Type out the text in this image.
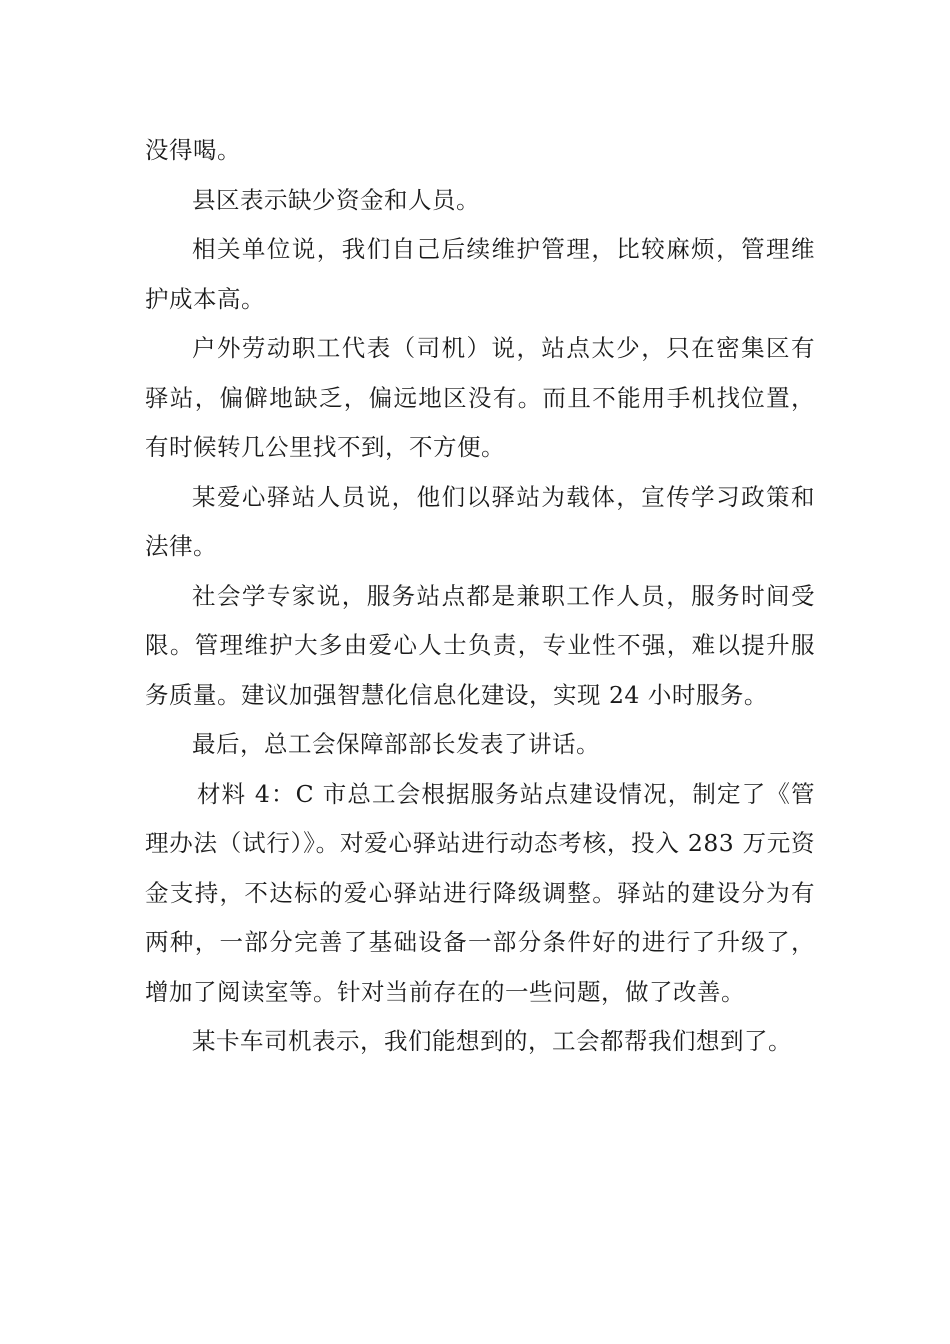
没得喝。

县区表示缺少资金和人员。

相关单位说，我们自己后续维护管理，比较麻烦，管理维护成本高。

户外劳动职工代表（司机）说，站点太少，只在密集区有驿站，偏僻地缺乏，偏远地区没有。而且不能用手机找位置，有时候转几公里找不到，不方便。

某爱心驿站人员说，他们以驿站为载体，宣传学习政策和法律。

社会学专家说，服务站点都是兼职工作人员，服务时间受限。管理维护大多由爱心人士负责，专业性不强，难以提升服务质量。建议加强智慧化信息化建设，实现 24 小时服务。

最后，总工会保障部部长发表了讲话。

材料 4：C 市总工会根据服务站点建设情况，制定了《管理办法（试行）》。对爱心驿站进行动态考核，投入 283 万元资金支持，不达标的爱心驿站进行降级调整。驿站的建设分为有两种，一部分完善了基础设备一部分条件好的进行了升级了，增加了阅读室等。针对当前存在的一些问题，做了改善。

某卡车司机表示，我们能想到的，工会都帮我们想到了。
